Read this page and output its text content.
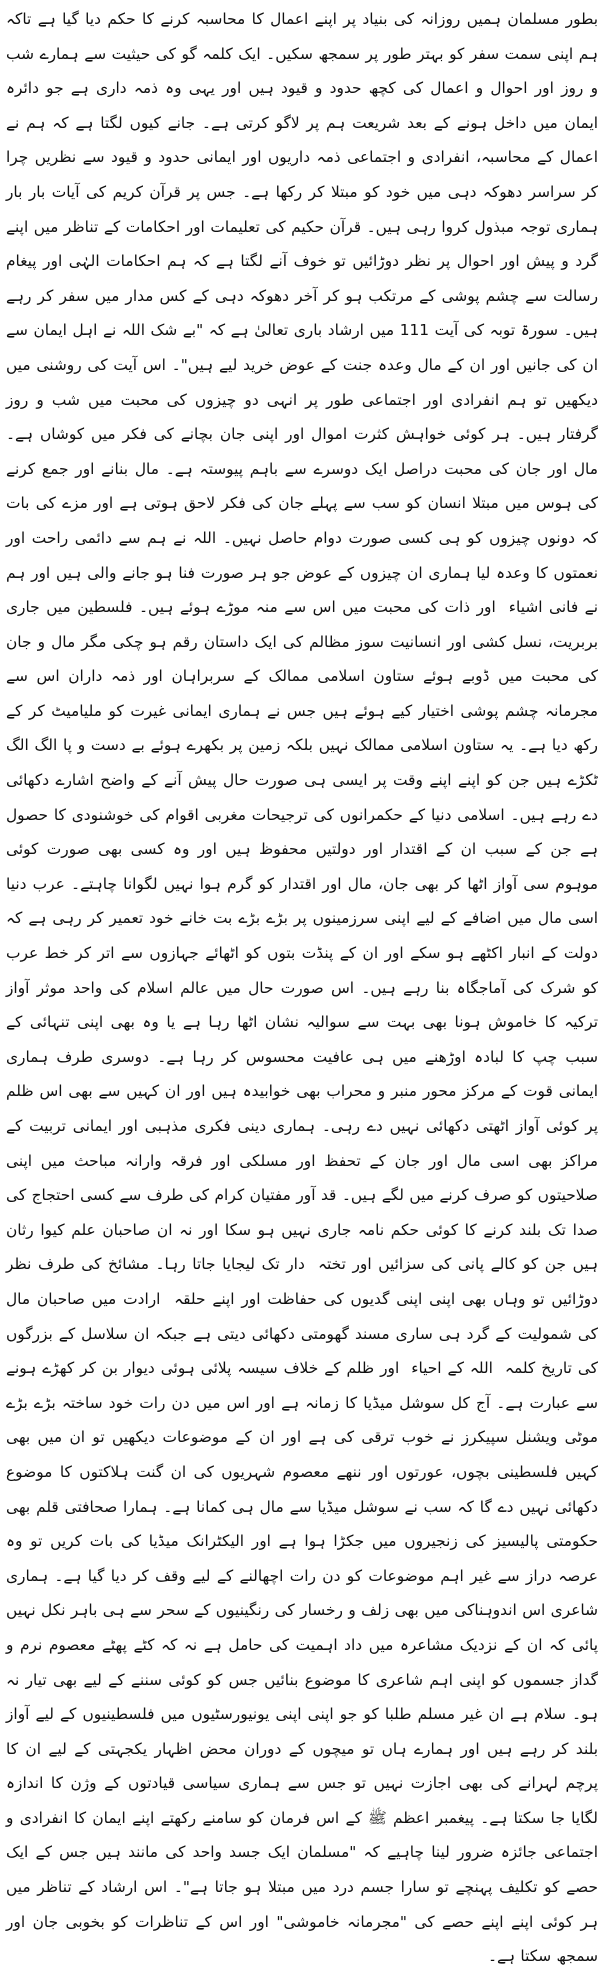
بطور مسلمان ہمیں روزانہ کی بنیاد پر اپنے اعمال کا محاسبہ کرنے کا حکم دیا گیا ہے تاکہ ہم اپنی سمت سفر کو بہتر طور پر سمجھ سکیں۔ ایک کلمہ گو کی حیثیت سے ہمارے شب و روز اور احوال و اعمال کی کچھ حدود و قیود ہیں اور یہی وہ ذمہ داری ہے جو دائرہ ایمان میں داخل ہونے کے بعد شریعت ہم پر لاگو کرتی ہے۔ جانے کیوں لگتا ہے کہ ہم نے اعمال کے محاسبہ، انفرادی و اجتماعی ذمہ داریوں اور ایمانی حدود و قیود سے نظریں چرا کر سراسر دھوکہ دہی میں خود کو مبتلا کر رکھا ہے۔ جس پر قرآن کریم کی آیات بار بار ہماری توجہ مبذول کروا رہی ہیں۔ قرآن حکیم کی تعلیمات اور احکامات کے تناظر میں اپنے گرد و پیش اور احوال پر نظر دوڑائیں تو خوف آنے لگتا ہے کہ ہم احکامات الہٰی اور پیغام رسالت سے چشم پوشی کے مرتکب ہو کر آخر دھوکہ دہی کے کس مدار میں سفر کر رہے ہیں۔ سورۃ توبہ کی آیت 111 میں ارشاد باری تعالیٰ ہے کہ "بے شک اللہ نے اہل ایمان سے ان کی جانیں اور ان کے مال وعدہ جنت کے عوض خرید لیے ہیں"۔ اس آیت کی روشنی میں دیکھیں تو ہم انفرادی اور اجتماعی طور پر انہی دو چیزوں کی محبت میں شب و روز گرفتار ہیں۔ ہر کوئی خواہش کثرت اموال اور اپنی جان بچانے کی فکر میں کوشاں ہے۔ مال اور جان کی محبت دراصل ایک دوسرے سے باہم پیوستہ ہے۔ مال بنانے اور جمع کرنے کی ہوس میں مبتلا انسان کو سب سے پہلے جان کی فکر لاحق ہوتی ہے اور مزے کی بات کہ دونوں چیزوں کو ہی کسی صورت دوام حاصل نہیں۔ اللہ نے ہم سے دائمی راحت اور نعمتوں کا وعدہ لیا ہماری ان چیزوں کے عوض جو ہر صورت فنا ہو جانے والی ہیں اور ہم نے فانی اشیاء ⁠ اور ذات کی محبت میں اس سے منہ موڑے ہوئے ہیں۔ فلسطین میں جاری بربریت، نسل کشی اور انسانیت سوز مظالم کی ایک داستان رقم ہو چکی مگر مال و جان کی محبت میں ڈوبے ہوئے ستاون اسلامی ممالک کے سربراہان اور ذمہ داران اس سے مجرمانہ چشم پوشی اختیار کیے ہوئے ہیں جس نے ہماری ایمانی غیرت کو ملیامیٹ کر کے رکھ دیا ہے۔ یہ ستاون اسلامی ممالک نہیں بلکہ زمین پر بکھرے ہوئے بے دست و پا الگ الگ ٹکڑے ہیں جن کو اپنے اپنے وقت پر ایسی ہی صورت حال پیش آنے کے واضح اشارے دکھائی دے رہے ہیں۔ اسلامی دنیا کے حکمرانوں کی ترجیحات مغربی اقوام کی خوشنودی کا حصول ہے جن کے سبب ان کے اقتدار اور دولتیں محفوظ ہیں اور وہ کسی بھی صورت کوئی موہوم سی آواز اٹھا کر بھی جان، مال اور اقتدار کو گرم ہوا نہیں لگوانا چاہتے۔ عرب دنیا اسی مال میں اضافے کے لیے اپنی سرزمینوں پر بڑے بڑے بت خانے خود تعمیر کر رہی ہے کہ دولت کے انبار اکٹھے ہو سکے اور ان کے پنڈت بتوں کو اٹھائے جہازوں سے اتر کر خط عرب کو شرک کی آماجگاہ بنا رہے ہیں۔ اس صورت حال میں عالم اسلام کی واحد موثر آواز ترکیہ کا خاموش ہونا بھی بہت سے سوالیہ نشان اٹھا رہا ہے یا وہ بھی اپنی تنہائی کے سبب چپ کا لبادہ اوڑھنے میں ہی عافیت محسوس کر رہا ہے۔ دوسری طرف ہماری ایمانی قوت کے مرکز محور منبر و محراب بھی خوابیدہ ہیں اور ان کہیں سے بھی اس ظلم پر کوئی آواز اٹھتی دکھائی نہیں دے رہی۔ ہماری دینی فکری مذہبی اور ایمانی تربیت کے مراکز بھی اسی مال اور جان کے تحفظ اور مسلکی اور فرقہ وارانہ مباحث میں اپنی صلاحیتوں کو صرف کرنے میں لگے ہیں۔ قد آور مفتیان کرام کی طرف سے کسی احتجاج کی صدا تک بلند کرنے کا کوئی حکم نامہ جاری نہیں ہو سکا اور نہ ان صاحبان علم کیوا رثان ہیں جن کو کالے پانی کی سزائیں اور تختہ ⁠ دار تک لیجایا جاتا رہا۔ مشائخ کی طرف نظر دوڑائیں تو وہاں بھی اپنی اپنی گدیوں کی حفاظت اور اپنے حلقہ ⁠ ارادت میں صاحبان مال کی شمولیت کے گرد ہی ساری مسند گھومتی دکھائی دیتی ہے جبکہ ان سلاسل کے بزرگوں کی تاریخ کلمہ ⁠ اللہ کے احیاء ⁠ اور ظلم کے خلاف سیسہ پلائی ہوئی دیوار بن کر کھڑے ہونے سے عبارت ہے۔ آج کل سوشل میڈیا کا زمانہ ہے اور اس میں دن رات خود ساختہ بڑے بڑے موٹی ویشنل سپیکرز نے خوب ترقی کی ہے اور ان کے موضوعات دیکھیں تو ان میں بھی کہیں فلسطینی بچوں، عورتوں اور ننھے معصوم شہریوں کی ان گنت ہلاکتوں کا موضوع دکھائی نہیں دے گا کہ سب نے سوشل میڈیا سے مال ہی کمانا ہے۔ ہمارا صحافتی قلم بھی حکومتی پالیسیز کی زنجیروں میں جکڑا ہوا ہے اور الیکٹرانک میڈیا کی بات کریں تو وہ عرصہ دراز سے غیر اہم موضوعات کو دن رات اچھالنے کے لیے وقف کر دیا گیا ہے۔ ہماری شاعری اس اندوہناکی میں بھی زلف و رخسار کی رنگینیوں کے سحر سے ہی باہر نکل نہیں پائی کہ ان کے نزدیک مشاعرہ میں داد اہمیت کی حامل ہے نہ کہ کٹے پھٹے معصوم نرم و گداز جسموں کو اپنی اہم شاعری کا موضوع بنائیں جس کو کوئی سننے کے لیے بھی تیار نہ ہو۔ سلام ہے ان غیر مسلم طلبا کو جو اپنی اپنی یونیورسٹیوں میں فلسطینیوں کے لیے آواز بلند کر رہے ہیں اور ہمارے ہاں تو میچوں کے دوران محض اظہار یکجہتی کے لیے ان کا پرچم لہرانے کی بھی اجازت نہیں تو جس سے ہماری سیاسی قیادتوں کے وژن کا اندازہ لگایا جا سکتا ہے۔ پیغمبر اعظم ﷺ کے اس فرمان کو سامنے رکھتے اپنے ایمان کا انفرادی و اجتماعی جائزہ ضرور لینا چاہیے کہ "مسلمان ایک جسد واحد کی مانند ہیں جس کے ایک حصے کو تکلیف پہنچے تو سارا جسم درد میں مبتلا ہو جاتا ہے"۔ اس ارشاد کے تناظر میں ہر کوئی اپنے اپنے حصے کی "مجرمانہ خاموشی" اور اس کے تناظرات کو بخوبی جان اور سمجھ سکتا ہے۔
